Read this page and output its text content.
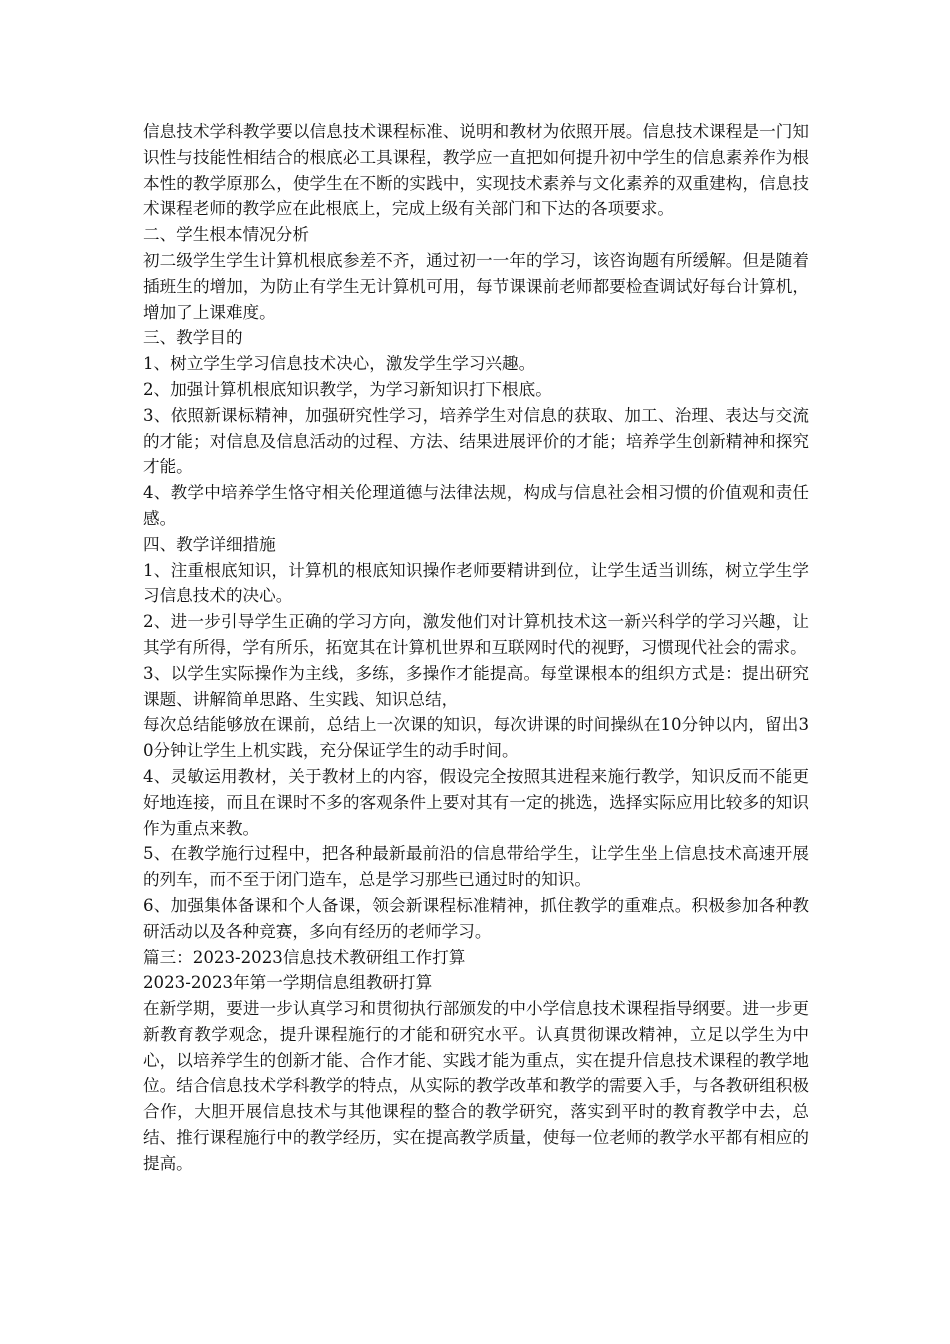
信息技术学科教学要以信息技术课程标准、说明和教材为依照开展。信息技术课程是一门知识性与技能性相结合的根底必工具课程，教学应一直把如何提升初中学生的信息素养作为根本性的教学原那么，使学生在不断的实践中，实现技术素养与文化素养的双重建构，信息技术课程老师的教学应在此根底上，完成上级有关部门和下达的各项要求。

二、学生根本情况分析

初二级学生学生计算机根底参差不齐，通过初一一年的学习，该咨询题有所缓解。但是随着插班生的增加，为防止有学生无计算机可用，每节课课前老师都要检查调试好每台计算机，增加了上课难度。

三、教学目的

1、树立学生学习信息技术决心，激发学生学习兴趣。

2、加强计算机根底知识教学，为学习新知识打下根底。

3、依照新课标精神，加强研究性学习，培养学生对信息的获取、加工、治理、表达与交流的才能；对信息及信息活动的过程、方法、结果进展评价的才能；培养学生创新精神和探究才能。

4、教学中培养学生恪守相关伦理道德与法律法规，构成与信息社会相习惯的价值观和责任感。

四、教学详细措施

1、注重根底知识，计算机的根底知识操作老师要精讲到位，让学生适当训练，树立学生学习信息技术的决心。

2、进一步引导学生正确的学习方向，激发他们对计算机技术这一新兴科学的学习兴趣，让其学有所得，学有所乐，拓宽其在计算机世界和互联网时代的视野，习惯现代社会的需求。

3、以学生实际操作为主线，多练，多操作才能提高。每堂课根本的组织方式是：提出研究课题、讲解简单思路、生实践、知识总结，

每次总结能够放在课前，总结上一次课的知识，每次讲课的时间操纵在10分钟以内，留出30分钟让学生上机实践，充分保证学生的动手时间。

4、灵敏运用教材，关于教材上的内容，假设完全按照其进程来施行教学，知识反而不能更好地连接，而且在课时不多的客观条件上要对其有一定的挑选，选择实际应用比较多的知识作为重点来教。

5、在教学施行过程中，把各种最新最前沿的信息带给学生，让学生坐上信息技术高速开展的列车，而不至于闭门造车，总是学习那些已通过时的知识。

6、加强集体备课和个人备课，领会新课程标准精神，抓住教学的重难点。积极参加各种教研活动以及各种竞赛，多向有经历的老师学习。

篇三：2023-2023信息技术教研组工作打算

2023-2023年第一学期信息组教研打算

在新学期，要进一步认真学习和贯彻执行部颁发的中小学信息技术课程指导纲要。进一步更新教育教学观念，提升课程施行的才能和研究水平。认真贯彻课改精神，立足以学生为中心，以培养学生的创新才能、合作才能、实践才能为重点，实在提升信息技术课程的教学地位。结合信息技术学科教学的特点，从实际的教学改革和教学的需要入手，与各教研组积极合作，大胆开展信息技术与其他课程的整合的教学研究，落实到平时的教育教学中去，总结、推行课程施行中的教学经历，实在提高教学质量，使每一位老师的教学水平都有相应的提高。
